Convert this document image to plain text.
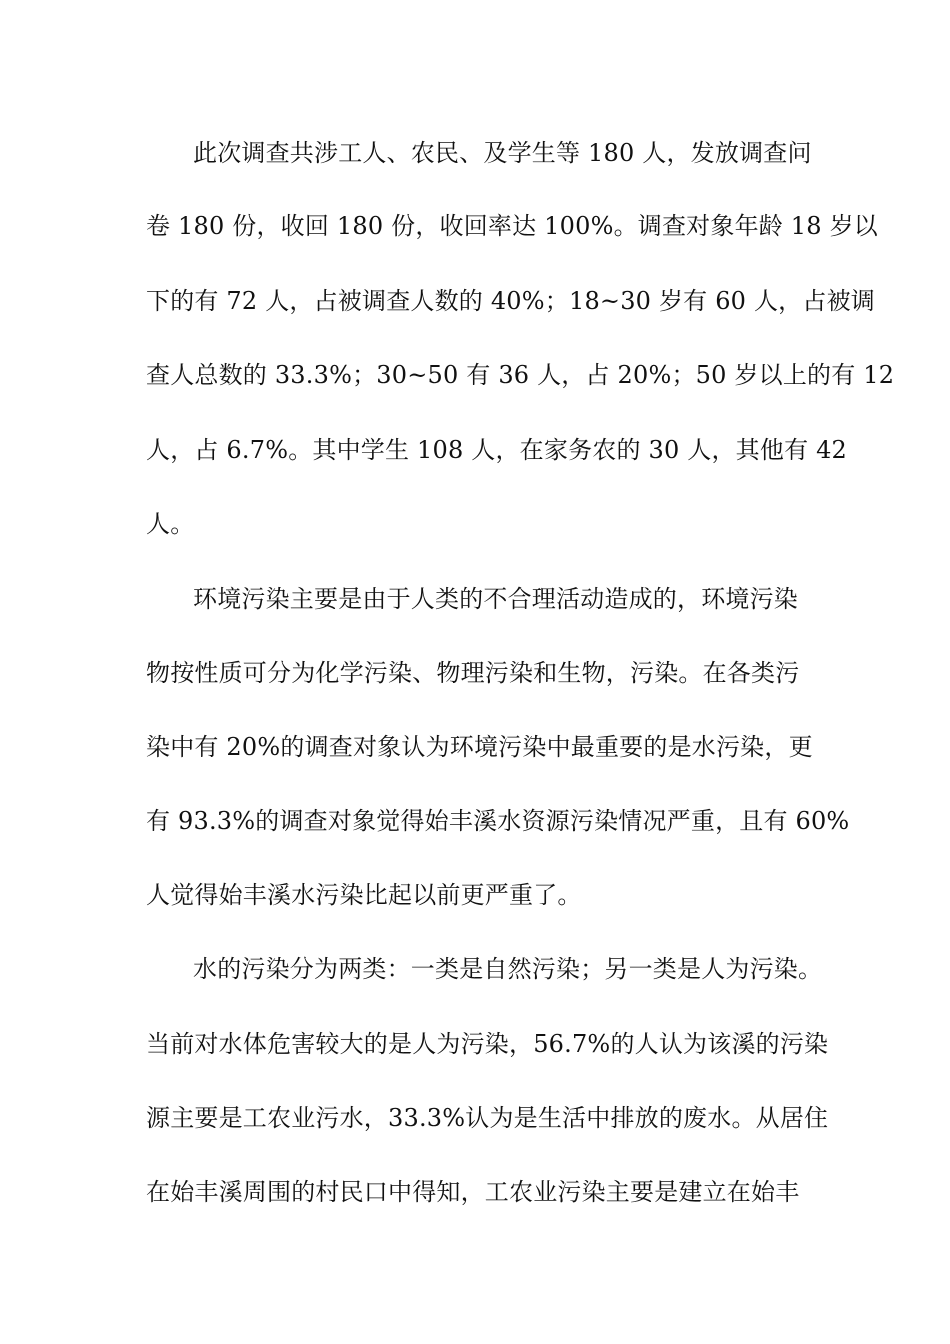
此次调查共涉工人、农民、及学生等 180 人，发放调查问
卷 180 份，收回 180 份，收回率达 100%。调查对象年龄 18 岁以
下的有 72 人，占被调查人数的 40%；18~30 岁有 60 人，占被调
查人总数的 33.3%；30~50 有 36 人，占 20%；50 岁以上的有 12
人，占 6.7%。其中学生 108 人，在家务农的 30 人，其他有 42
人。
环境污染主要是由于人类的不合理活动造成的，环境污染
物按性质可分为化学污染、物理污染和生物，污染。在各类污
染中有 20%的调查对象认为环境污染中最重要的是水污染，更
有 93.3%的调查对象觉得始丰溪水资源污染情况严重，且有 60%
人觉得始丰溪水污染比起以前更严重了。
水的污染分为两类：一类是自然污染；另一类是人为污染。
当前对水体危害较大的是人为污染，56.7%的人认为该溪的污染
源主要是工农业污水，33.3%认为是生活中排放的废水。从居住
在始丰溪周围的村民口中得知，工农业污染主要是建立在始丰
